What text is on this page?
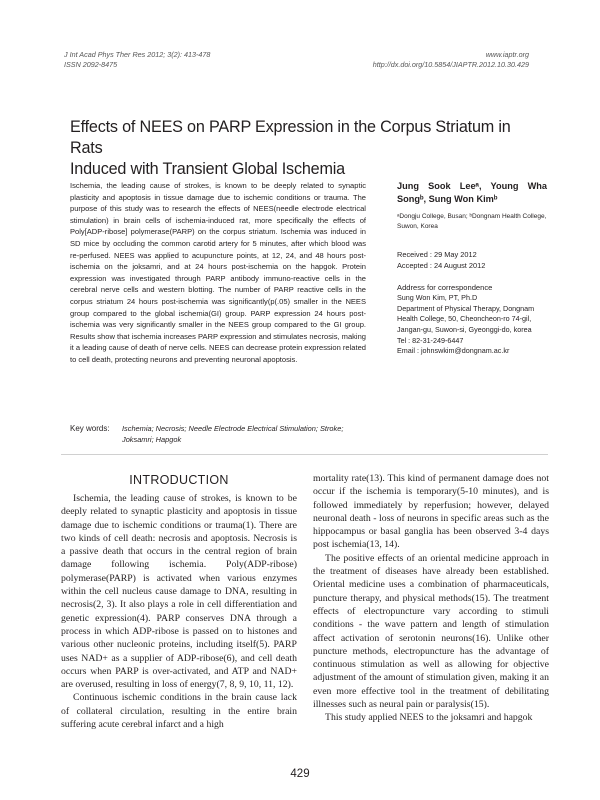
J Int Acad Phys Ther Res 2012; 3(2): 413-478
ISSN 2092-8475
www.iaptr.org
http://dx.doi.org/10.5854/JIAPTR.2012.10.30.429
Effects of NEES on PARP Expression in the Corpus Striatum in Rats
Induced with Transient Global Ischemia

Ischemia, the leading cause of strokes, is known to be deeply related to synaptic plasticity and apoptosis in tissue damage due to ischemic conditions or trauma. The purpose of this study was to research the effects of NEES(needle electrode electrical stimulation) in brain cells of ischemia-induced rat, more specifically the effects of Poly[ADP-ribose] polymerase(PARP) on the corpus striatum. Ischemia was induced in SD mice by occluding the common carotid artery for 5 minutes, after which blood was re-perfused. NEES was applied to acupuncture points, at 12, 24, and 48 hours post-ischemia on the joksamri, and at 24 hours post-ischemia on the hapgok. Protein expression was investigated through PARP antibody immuno-reactive cells in the cerebral nerve cells and western blotting. The number of PARP reactive cells in the corpus striatum 24 hours post-ischemia was significantly(p(.05) smaller in the NEES group compared to the global ischemia(GI) group. PARP expression 24 hours post-ischemia was very significantly smaller in the NEES group compared to the GI group. Results show that ischemia increases PARP expression and stimulates necrosis, making it a leading cause of death of nerve cells. NEES can decrease protein expression related to cell death, protecting neurons and preventing neuronal apoptosis.

Key words:	Ischemia; Necrosis; Needle Electrode Electrical Stimulation; Stroke; Joksamri; Hapgok
Jung Sook Leeᵃ, Young Wha Songᵇ, Sung Won Kimᵇ
ᵃDongju College, Busan; ᵇDongnam Health College, Suwon, Korea
Received : 29 May 2012
Accepted : 24 August 2012
Address for correspondence
Sung Won Kim, PT, Ph.D
Department of Physical Therapy, Dongnam Health College, 50, Cheoncheon-ro 74-gil, Jangan-gu, Suwon-si, Gyeonggi-do, korea
Tel : 82-31-249-6447
Email : johnswkim@dongnam.ac.kr
INTRODUCTION

Ischemia, the leading cause of strokes, is known to be deeply related to synaptic plasticity and apoptosis in tissue damage due to ischemic conditions or trauma(1). There are two kinds of cell death: necrosis and apoptosis. Necrosis is a passive death that occurs in the central region of brain damage following ischemia. Poly(ADP-ribose) polymerase(PARP) is activated when various enzymes within the cell nucleus cause damage to DNA, resulting in necrosis(2, 3). It also plays a role in cell differentiation and genetic expression(4). PARP conserves DNA through a process in which ADP-ribose is passed on to histones and various other nucleonic proteins, including itself(5). PARP uses NAD+ as a supplier of ADP-ribose(6), and cell death occurs when PARP is over-activated, and ATP and NAD+ are overused, resulting in loss of energy(7, 8, 9, 10, 11, 12).

Continuous ischemic conditions in the brain cause lack of collateral circulation, resulting in the entire brain suffering acute cerebral infarct and a high

mortality rate(13). This kind of permanent damage does not occur if the ischemia is temporary(5-10 minutes), and is followed immediately by reperfusion; however, delayed neuronal death - loss of neurons in specific areas such as the hippocampus or basal ganglia has been observed 3-4 days post ischemia(13, 14).

The positive effects of an oriental medicine approach in the treatment of diseases have already been established. Oriental medicine uses a combination of pharmaceuticals, puncture therapy, and physical methods(15). The treatment effects of electropuncture vary according to stimuli conditions - the wave pattern and length of stimulation affect activation of serotonin neurons(16). Unlike other puncture methods, electropuncture has the advantage of continuous stimulation as well as allowing for objective adjustment of the amount of stimulation given, making it an even more effective tool in the treatment of debilitating illnesses such as neural pain or paralysis(15).

This study applied NEES to the joksamri and hapgok

429
